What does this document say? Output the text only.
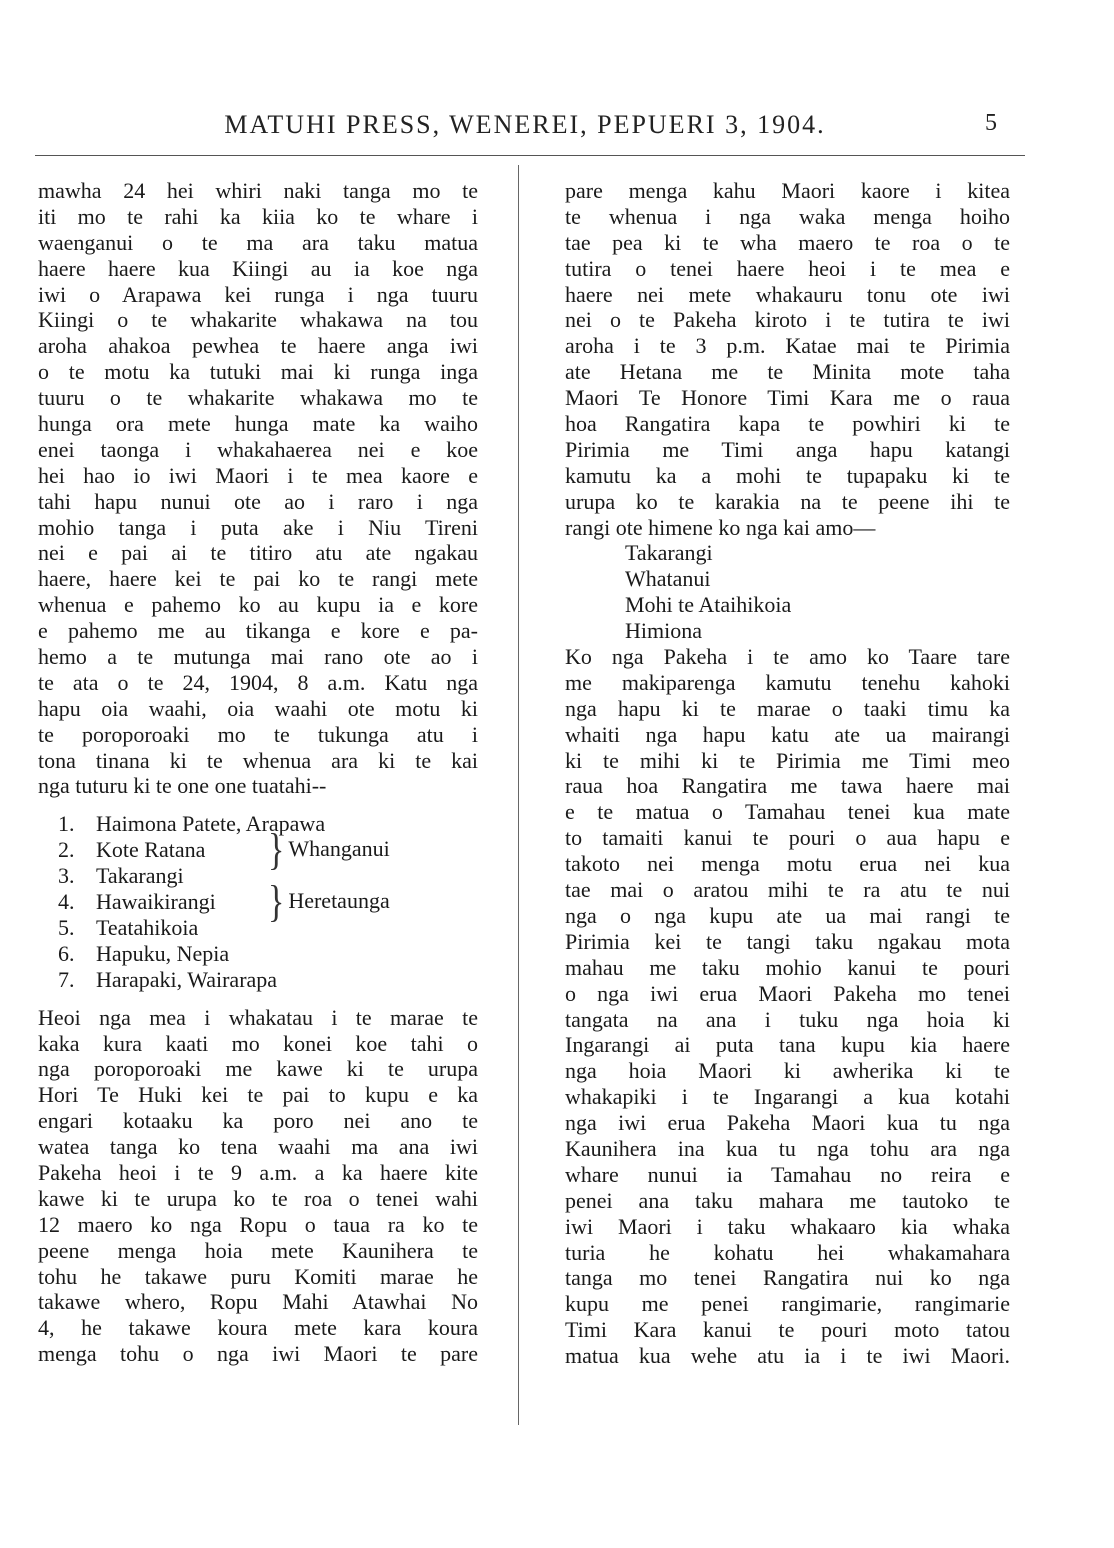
MATUHI PRESS, WENEREI, PEPUERI 3, 1904.	5
mawha 24 hei whiri naki tanga mo te
iti mo te rahi ka kiia ko te whare i
waenganui o te ma ara taku matua
haere haere kua Kiingi au ia koe nga
iwi o Arapawa kei runga i nga tuuru
Kiingi o te whakarite whakawa na tou
aroha ahakoa pewhea te haere anga iwi
o te motu ka tutuki mai ki runga inga
tuuru o te whakarite whakawa mo te
hunga ora mete hunga mate ka waiho
enei taonga i whakahaerea nei e koe
hei hao io iwi Maori i te mea kaore e
tahi hapu nunui ote ao i raro i nga
mohio tanga i puta ake i Niu Tireni
nei e pai ai te titiro atu ate ngakau
haere, haere kei te pai ko te rangi mete
whenua e pahemo ko au kupu ia e kore
e pahemo me au tikanga e kore e pa-
hemo a te mutunga mai rano ote ao i
te ata o te 24, 1904, 8 a.m. Katu nga
hapu oia waahi, oia waahi ote motu ki
te poroporoaki mo te tukunga atu i
tona tinana ki te whenua ara ki te kai
nga tuturu ki te one one tuatahi--
1. Haimona Patete, Arapawa
2. Kote Ratana
3. Takarangi
4. Hawaikirangi
5. Teatahikoia
6. Hapuku, Nepia
7. Harapaki, Wairarapa
} Whanganui
} Heretaunga
Heoi nga mea i whakatau i te marae te
kaka kura kaati mo konei koe tahi o
nga poroporoaki me kawe ki te urupa
Hori Te Huki kei te pai to kupu e ka
engari kotaaku ka poro nei ano te
watea tanga ko tena waahi ma ana iwi
Pakeha heoi i te 9 a.m. a ka haere kite
kawe ki te urupa ko te roa o tenei wahi
12 maero ko nga Ropu o taua ra ko te
peene menga hoia mete Kaunihera te
tohu he takawe puru Komiti marae he
takawe whero, Ropu Mahi Atawhai No
4, he takawe koura mete kara koura
menga tohu o nga iwi Maori te pare
pare menga kahu Maori kaore i kitea
te whenua i nga waka menga hoiho
tae pea ki te wha maero te roa o te
tutira o tenei haere heoi i te mea e
haere nei mete whakauru tonu ote iwi
nei o te Pakeha kiroto i te tutira te iwi
aroha i te 3 p.m. Katae mai te Pirimia
ate Hetana me te Minita mote taha
Maori Te Honore Timi Kara me o raua
hoa Rangatira kapa te powhiri ki te
Pirimia me Timi anga hapu katangi
kamutu ka a mohi te tupapaku ki te
urupa ko te karakia na te peene ihi te
rangi ote himene ko nga kai amo—
Takarangi
Whatanui
Mohi te Ataihikoia
Himiona
Ko nga Pakeha i te amo ko Taare tare
me makiparenga kamutu tenehu kahoki
nga hapu ki te marae o taaki timu ka
whaiti nga hapu katu ate ua mairangi
ki te mihi ki te Pirimia me Timi meo
raua hoa Rangatira me tawa haere mai
e te matua o Tamahau tenei kua mate
to tamaiti kanui te pouri o aua hapu e
takoto nei menga motu erua nei kua
tae mai o aratou mihi te ra atu te nui
nga o nga kupu ate ua mai rangi te
Pirimia kei te tangi taku ngakau mota
mahau me taku mohio kanui te pouri
o nga iwi erua Maori Pakeha mo tenei
tangata na ana i tuku nga hoia ki
Ingarangi ai puta tana kupu kia haere
nga hoia Maori ki awherika ki te
whakapiki i te Ingarangi a kua kotahi
nga iwi erua Pakeha Maori kua tu nga
Kaunihera ina kua tu nga tohu ara nga
whare nunui ia Tamahau no reira e
penei ana taku mahara me tautoko te
iwi Maori i taku whakaaro kia whaka
turia he kohatu hei whakamahara
tanga mo tenei Rangatira nui ko nga
kupu me penei rangimarie, rangimarie
Timi Kara kanui te pouri moto tatou
matua kua wehe atu ia i te iwi Maori.
